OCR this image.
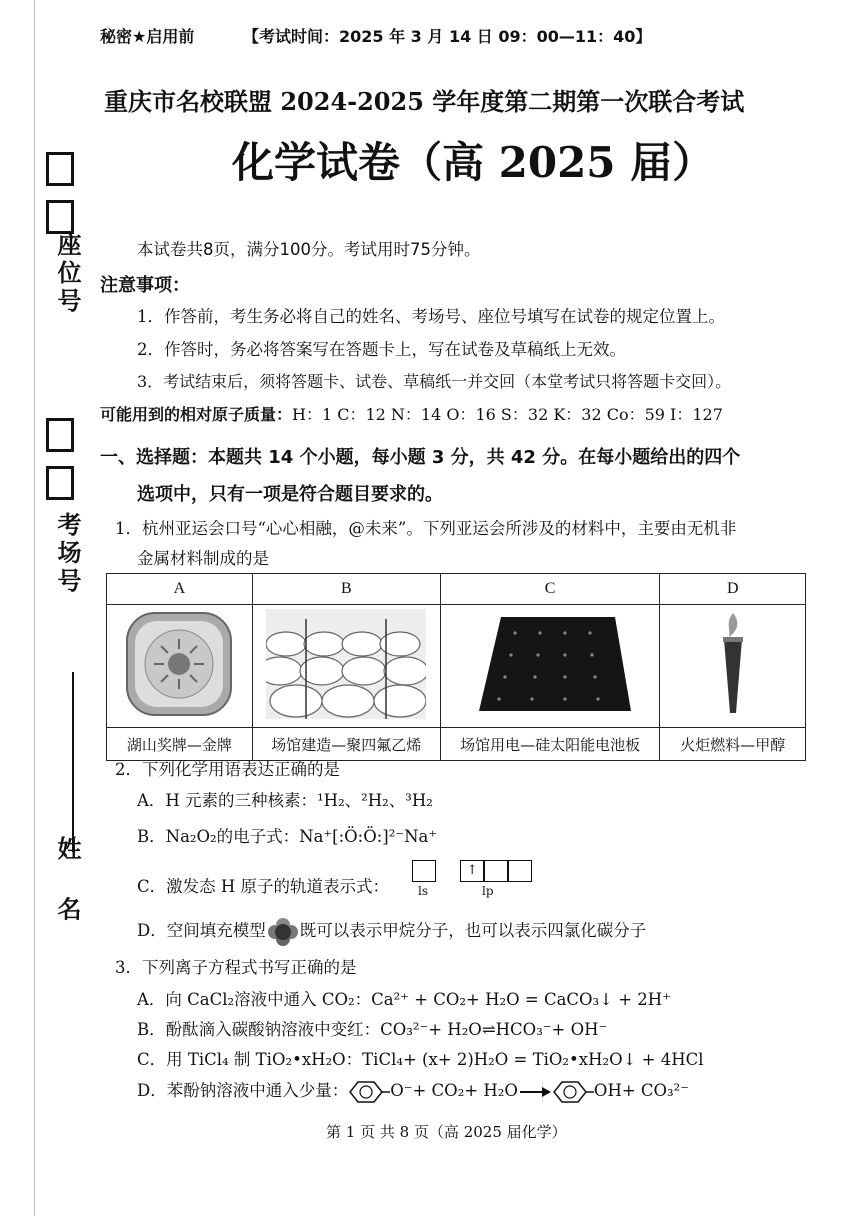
座位号
考场号
姓 名
秘密★启用前	【考试时间：2025 年 3 月 14 日 09：00—11：40】
重庆市名校联盟 2024-2025 学年度第二期第一次联合考试
化学试卷（高 2025 届）
本试卷共8页，满分100分。考试用时75分钟。
注意事项：
1．作答前，考生务必将自己的姓名、考场号、座位号填写在试卷的规定位置上。
2．作答时，务必将答案写在答题卡上，写在试卷及草稿纸上无效。
3．考试结束后，须将答题卡、试卷、草稿纸一并交回（本堂考试只将答题卡交回）。
可能用到的相对原子质量：H：1 C：12 N：14 O：16 S：32 K：32 Co：59 I：127
一、选择题：本题共 14 个小题，每小题 3 分，共 42 分。在每小题给出的四个
选项中，只有一项是符合题目要求的。
1．杭州亚运会口号“心心相融，@未来”。下列亚运会所涉及的材料中，主要由无机非
金属材料制成的是
A	B	C	D

湖山奖牌—金牌	场馆建造—聚四氟乙烯	场馆用电—硅太阳能电池板	火炬燃料—甲醇
2．下列化学用语表达正确的是
A．H 元素的三种核素：¹H₂、²H₂、³H₂
B．Na₂O₂的电子式：Na⁺[:Ö:Ö:]²⁻Na⁺
C．激发态 H 原子的轨道表示式：
↑
ls	lp
D．空间填充模型 既可以表示甲烷分子，也可以表示四氯化碳分子
3．下列离子方程式书写正确的是
A．向 CaCl₂溶液中通入 CO₂：Ca²⁺ + CO₂+ H₂O = CaCO₃↓ + 2H⁺
B．酚酞滴入碳酸钠溶液中变红：CO₃²⁻+ H₂O⇌HCO₃⁻+ OH⁻
C．用 TiCl₄ 制 TiO₂•xH₂O：TiCl₄+ (x+ 2)H₂O = TiO₂•xH₂O↓ + 4HCl
D．苯酚钠溶液中通入少量：	O⁻+ CO₂+ H₂O→	OH+ CO₃²⁻
第 1 页 共 8 页（高 2025 届化学）
